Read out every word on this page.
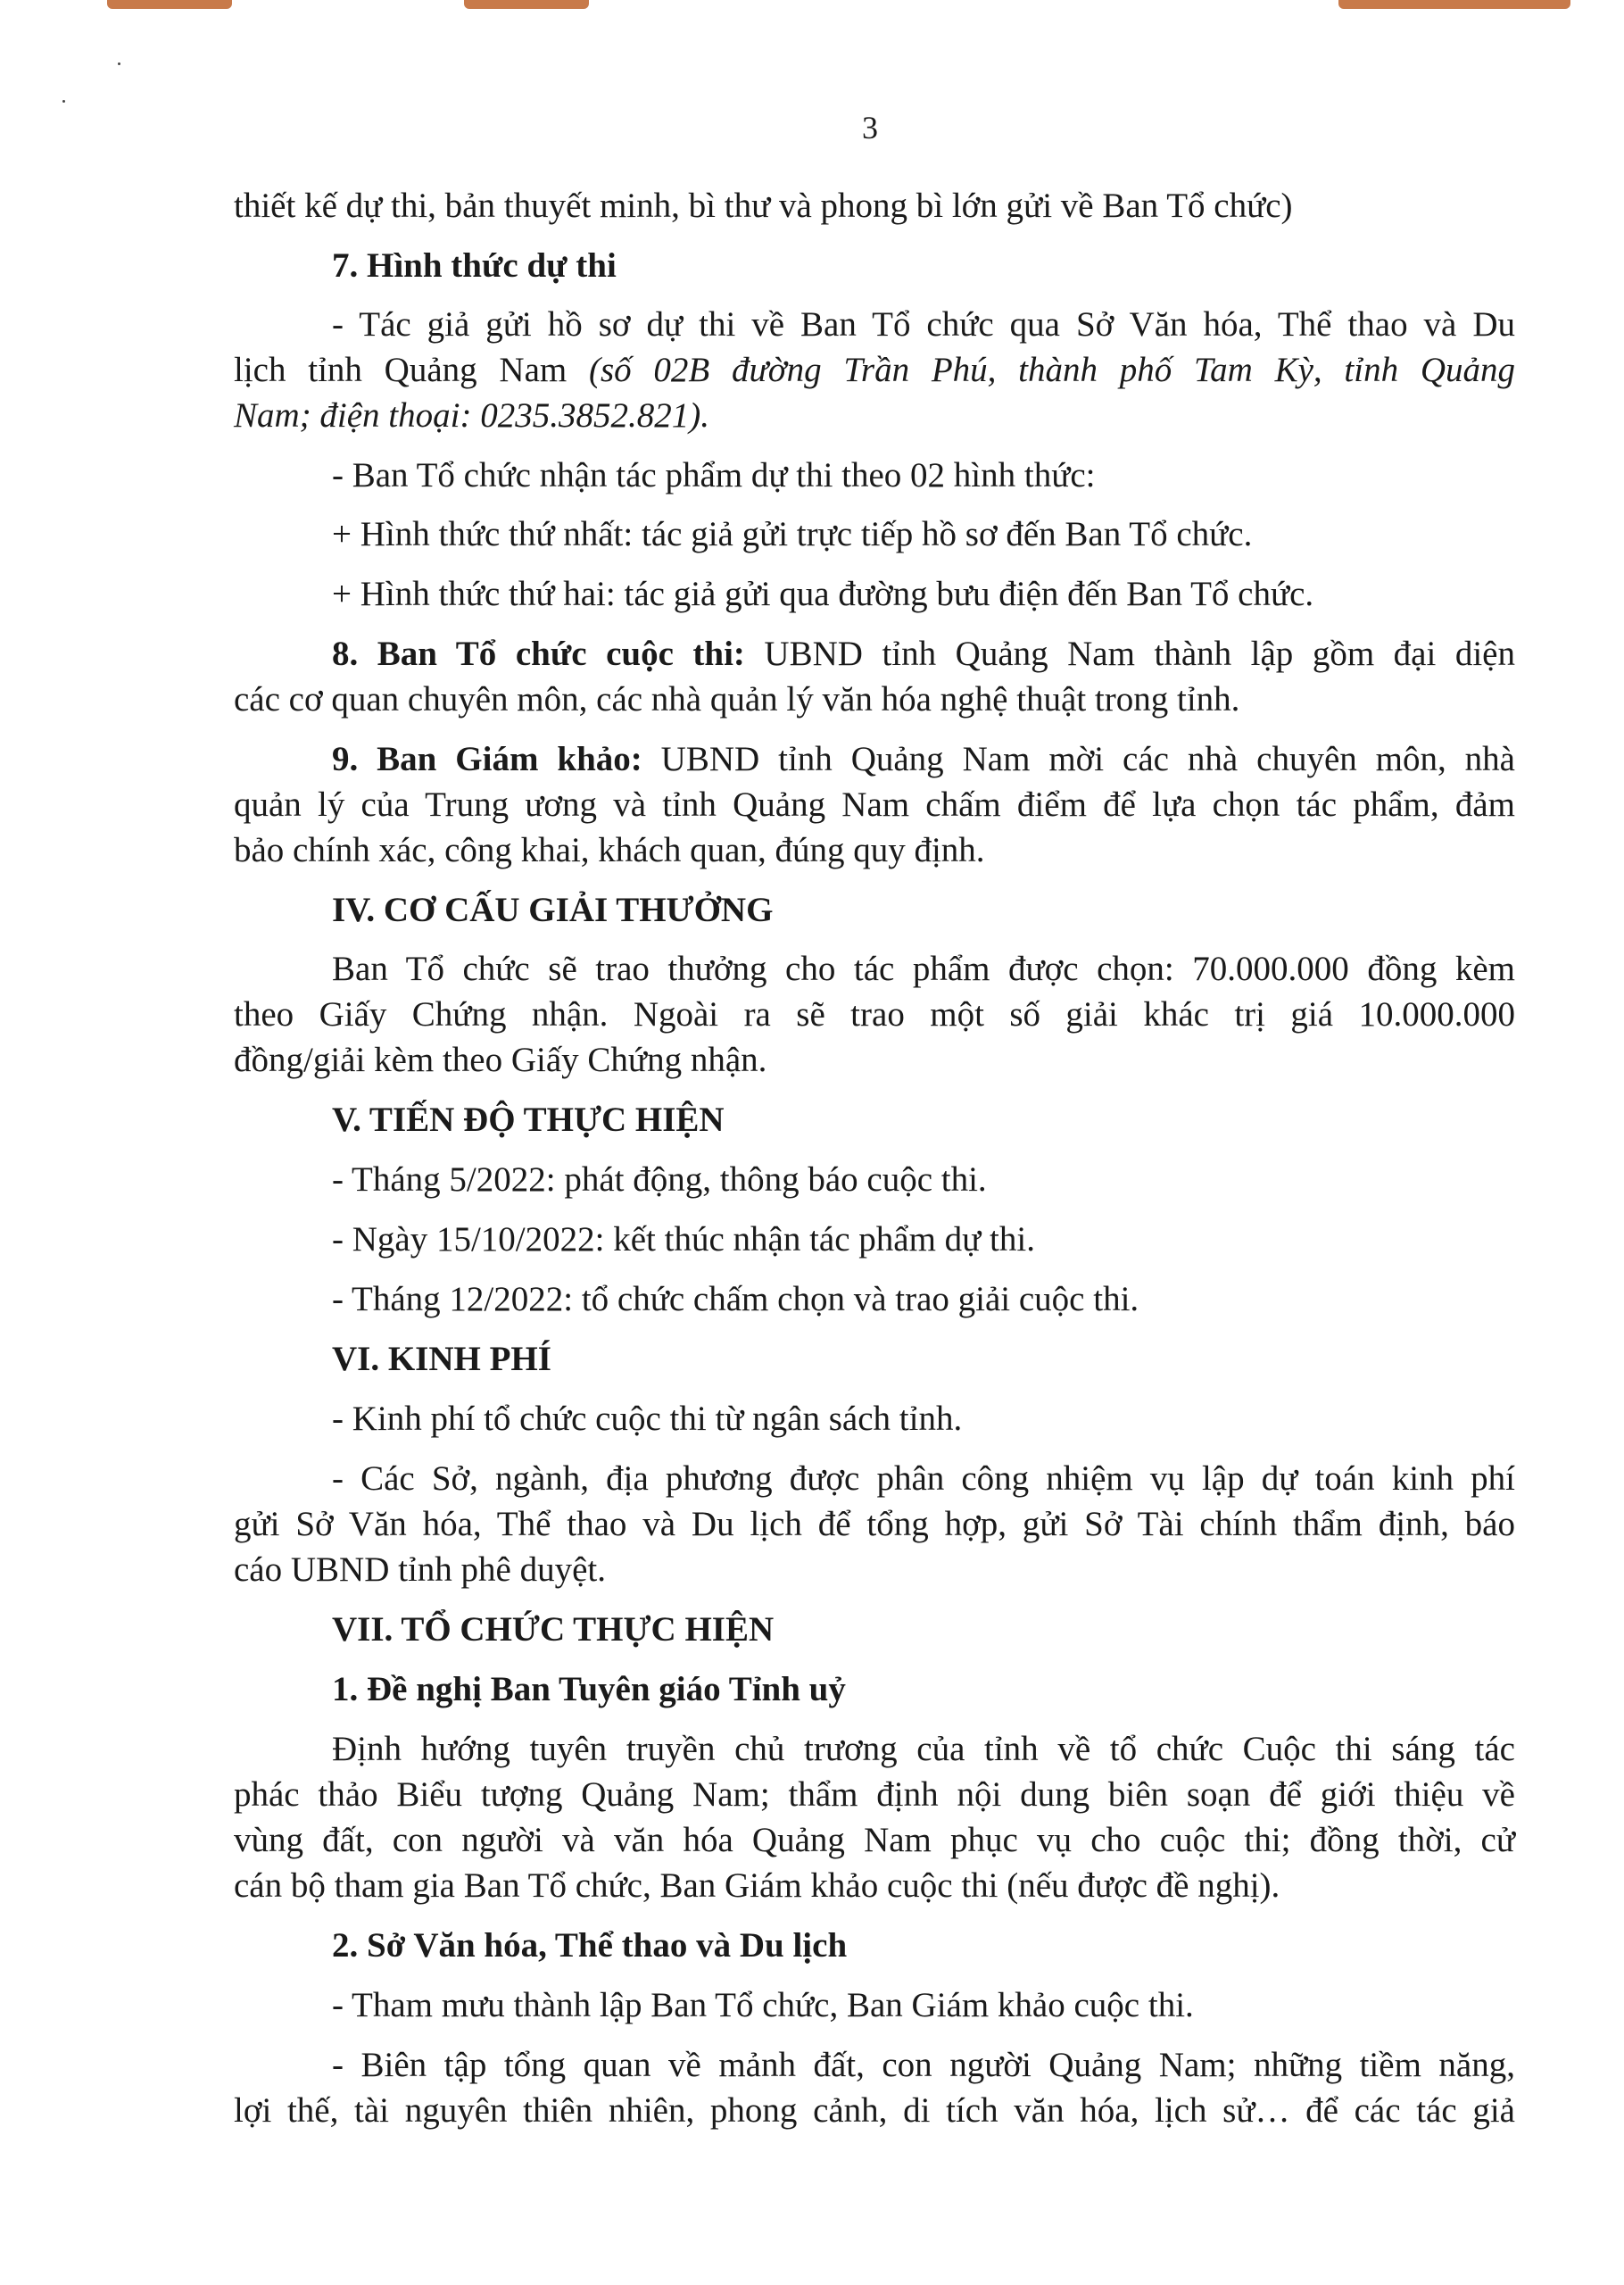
3
thiết kế dự thi, bản thuyết minh, bì thư và phong bì lớn gửi về Ban Tổ chức)
7. Hình thức dự thi
- Tác giả gửi hồ sơ dự thi về Ban Tổ chức qua Sở Văn hóa, Thể thao và Du
lịch tỉnh Quảng Nam (số 02B đường Trần Phú, thành phố Tam Kỳ, tỉnh Quảng
Nam; điện thoại: 0235.3852.821).
- Ban Tổ chức nhận tác phẩm dự thi theo 02 hình thức:
+ Hình thức thứ nhất: tác giả gửi trực tiếp hồ sơ đến Ban Tổ chức.
+ Hình thức thứ hai: tác giả gửi qua đường bưu điện đến Ban Tổ chức.
8. Ban Tổ chức cuộc thi: UBND tỉnh Quảng Nam thành lập gồm đại diện
các cơ quan chuyên môn, các nhà quản lý văn hóa nghệ thuật trong tỉnh.
9. Ban Giám khảo: UBND tỉnh Quảng Nam mời các nhà chuyên môn, nhà
quản lý của Trung ương và tỉnh Quảng Nam chấm điểm để lựa chọn tác phẩm, đảm
bảo chính xác, công khai, khách quan, đúng quy định.
IV. CƠ CẤU GIẢI THƯỞNG
Ban Tổ chức sẽ trao thưởng cho tác phẩm được chọn: 70.000.000 đồng kèm
theo Giấy Chứng nhận. Ngoài ra sẽ trao một số giải khác trị giá 10.000.000
đồng/giải kèm theo Giấy Chứng nhận.
V. TIẾN ĐỘ THỰC HIỆN
- Tháng 5/2022: phát động, thông báo cuộc thi.
- Ngày 15/10/2022: kết thúc nhận tác phẩm dự thi.
- Tháng 12/2022: tổ chức chấm chọn và trao giải cuộc thi.
VI. KINH PHÍ
- Kinh phí tổ chức cuộc thi từ ngân sách tỉnh.
- Các Sở, ngành, địa phương được phân công nhiệm vụ lập dự toán kinh phí
gửi Sở Văn hóa, Thể thao và Du lịch để tổng hợp, gửi Sở Tài chính thẩm định, báo
cáo UBND tỉnh phê duyệt.
VII. TỔ CHỨC THỰC HIỆN
1. Đề nghị Ban Tuyên giáo Tỉnh uỷ
Định hướng tuyên truyền chủ trương của tỉnh về tổ chức Cuộc thi sáng tác
phác thảo Biểu tượng Quảng Nam; thẩm định nội dung biên soạn để giới thiệu về
vùng đất, con người và văn hóa Quảng Nam phục vụ cho cuộc thi; đồng thời, cử
cán bộ tham gia Ban Tổ chức, Ban Giám khảo cuộc thi (nếu được đề nghị).
2. Sở Văn hóa, Thể thao và Du lịch
- Tham mưu thành lập Ban Tổ chức, Ban Giám khảo cuộc thi.
- Biên tập tổng quan về mảnh đất, con người Quảng Nam; những tiềm năng,
lợi thế, tài nguyên thiên nhiên, phong cảnh, di tích văn hóa, lịch sử… để các tác giả
